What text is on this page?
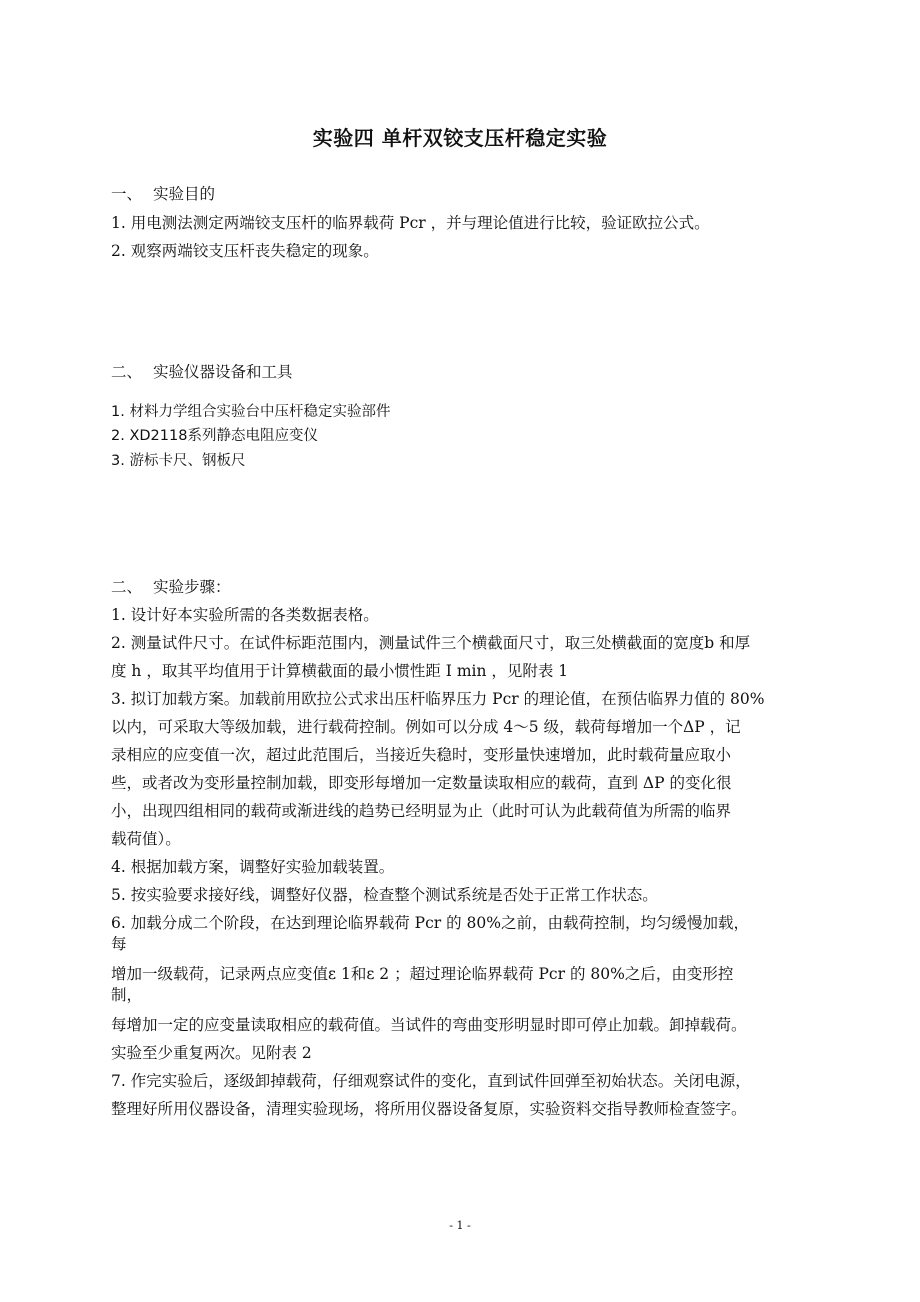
实验四 单杆双铰支压杆稳定实验
一、 实验目的
1. 用电测法测定两端铰支压杆的临界载荷 Pcr ，并与理论值进行比较，验证欧拉公式。
2. 观察两端铰支压杆丧失稳定的现象。
二、 实验仪器设备和工具
1. 材料力学组合实验台中压杆稳定实验部件
2. XD2118系列静态电阻应变仪
3. 游标卡尺、钢板尺
二、 实验步骤：
1. 设计好本实验所需的各类数据表格。
2. 测量试件尺寸。在试件标距范围内，测量试件三个横截面尺寸，取三处横截面的宽度b 和厚
度 h ，取其平均值用于计算横截面的最小惯性距 I min ，见附表 1
3. 拟订加载方案。加载前用欧拉公式求出压杆临界压力 Pcr 的理论值，在预估临界力值的 80%
以内，可采取大等级加载，进行载荷控制。例如可以分成 4～5 级，载荷每增加一个ΔP ，记
录相应的应变值一次，超过此范围后，当接近失稳时，变形量快速增加，此时载荷量应取小
些，或者改为变形量控制加载，即变形每增加一定数量读取相应的载荷，直到 ΔP 的变化很
小，出现四组相同的载荷或渐进线的趋势已经明显为止（此时可认为此载荷值为所需的临界
载荷值）。
4. 根据加载方案，调整好实验加载装置。
5. 按实验要求接好线，调整好仪器，检查整个测试系统是否处于正常工作状态。
6. 加载分成二个阶段，在达到理论临界载荷 Pcr 的 80%之前，由载荷控制，均匀缓慢加载，
每
增加一级载荷，记录两点应变值ε 1和ε 2 ；超过理论临界载荷 Pcr 的 80%之后，由变形控
制，
每增加一定的应变量读取相应的载荷值。当试件的弯曲变形明显时即可停止加载。卸掉载荷。
实验至少重复两次。见附表 2
7. 作完实验后，逐级卸掉载荷，仔细观察试件的变化，直到试件回弹至初始状态。关闭电源，
整理好所用仪器设备，清理实验现场，将所用仪器设备复原，实验资料交指导教师检查签字。
- 1 -
